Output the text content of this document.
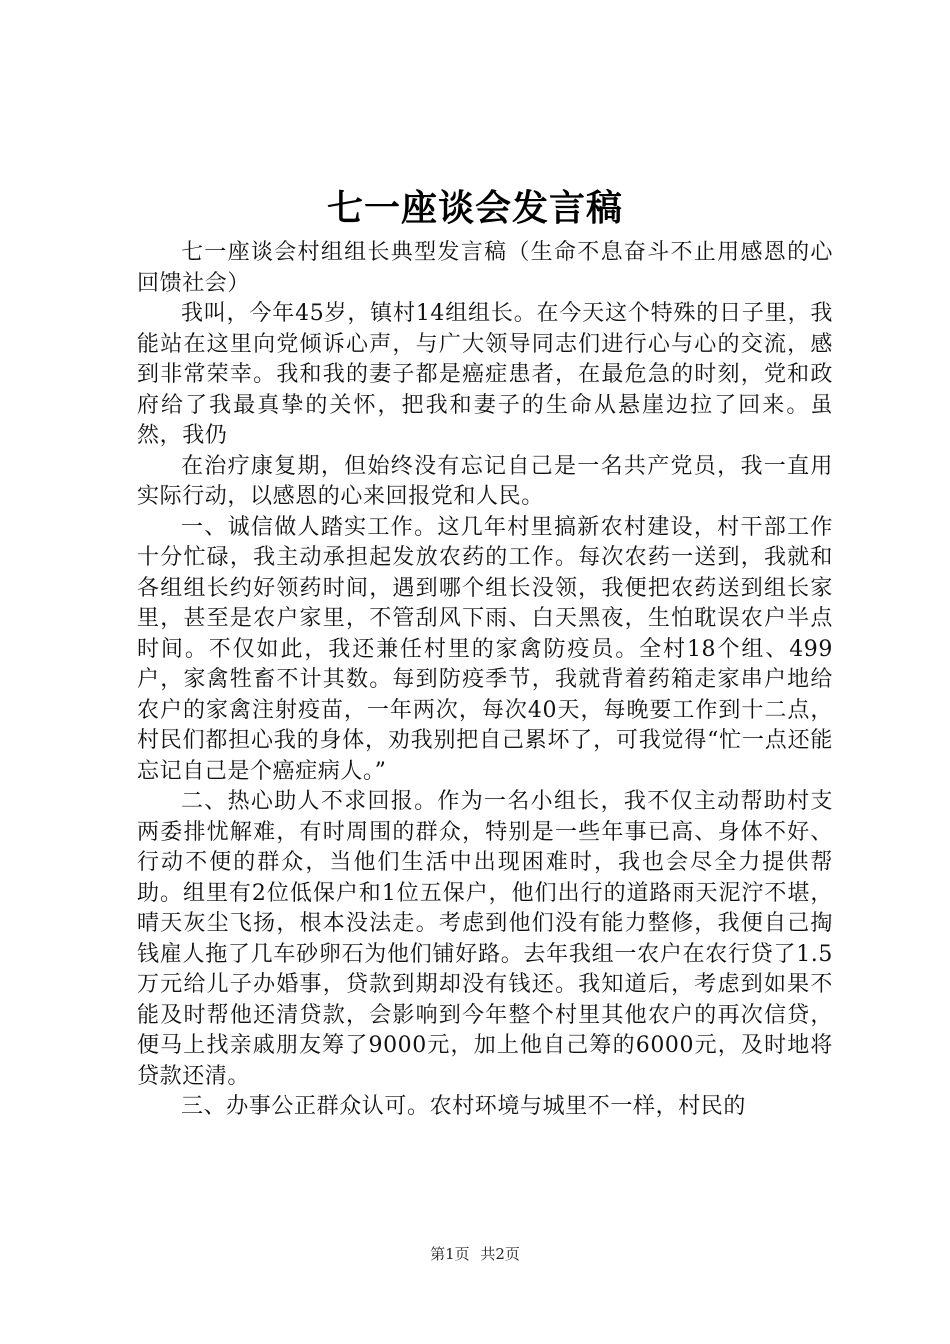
七一座谈会发言稿

七一座谈会村组组长典型发言稿（生命不息奋斗不止用感恩的心回馈社会）

我叫，今年45岁，镇村14组组长。在今天这个特殊的日子里，我能站在这里向党倾诉心声，与广大领导同志们进行心与心的交流，感到非常荣幸。我和我的妻子都是癌症患者，在最危急的时刻，党和政府给了我最真挚的关怀，把我和妻子的生命从悬崖边拉了回来。虽然，我仍

在治疗康复期，但始终没有忘记自己是一名共产党员，我一直用实际行动，以感恩的心来回报党和人民。

一、诚信做人踏实工作。这几年村里搞新农村建设，村干部工作十分忙碌，我主动承担起发放农药的工作。每次农药一送到，我就和各组组长约好领药时间，遇到哪个组长没领，我便把农药送到组长家里，甚至是农户家里，不管刮风下雨、白天黑夜，生怕耽误农户半点时间。不仅如此，我还兼任村里的家禽防疫员。全村18个组、499户，家禽牲畜不计其数。每到防疫季节，我就背着药箱走家串户地给农户的家禽注射疫苗，一年两次，每次40天，每晚要工作到十二点，村民们都担心我的身体，劝我别把自己累坏了，可我觉得“忙一点还能忘记自己是个癌症病人。”

二、热心助人不求回报。作为一名小组长，我不仅主动帮助村支两委排忧解难，有时周围的群众，特别是一些年事已高、身体不好、行动不便的群众，当他们生活中出现困难时，我也会尽全力提供帮助。组里有2位低保户和1位五保户，他们出行的道路雨天泥泞不堪，晴天灰尘飞扬，根本没法走。考虑到他们没有能力整修，我便自己掏钱雇人拖了几车砂卵石为他们铺好路。去年我组一农户在农行贷了1.5万元给儿子办婚事，贷款到期却没有钱还。我知道后，考虑到如果不能及时帮他还清贷款，会影响到今年整个村里其他农户的再次信贷，便马上找亲戚朋友筹了9000元，加上他自己筹的6000元，及时地将贷款还清。

三、办事公正群众认可。农村环境与城里不一样，村民的

第1页 共2页
